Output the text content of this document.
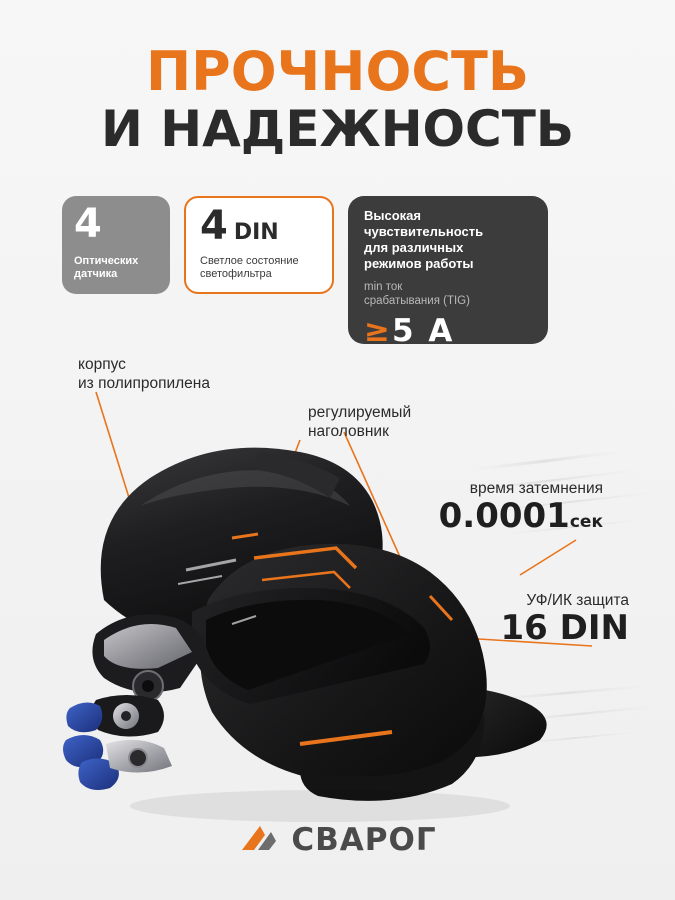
ПРОЧНОСТЬ
И НАДЕЖНОСТЬ
4
Оптических
датчика
4 DIN
Светлое состояние
светофильтра
Высокая
чувствительность
для различных
режимов работы
min ток
срабатывания (TIG)
≥5 A
корпус
из полипропилена
регулируемый
наголовник
время затемнения
0.0001сек
УФ/ИК защита
16 DIN
СВАРОГ
